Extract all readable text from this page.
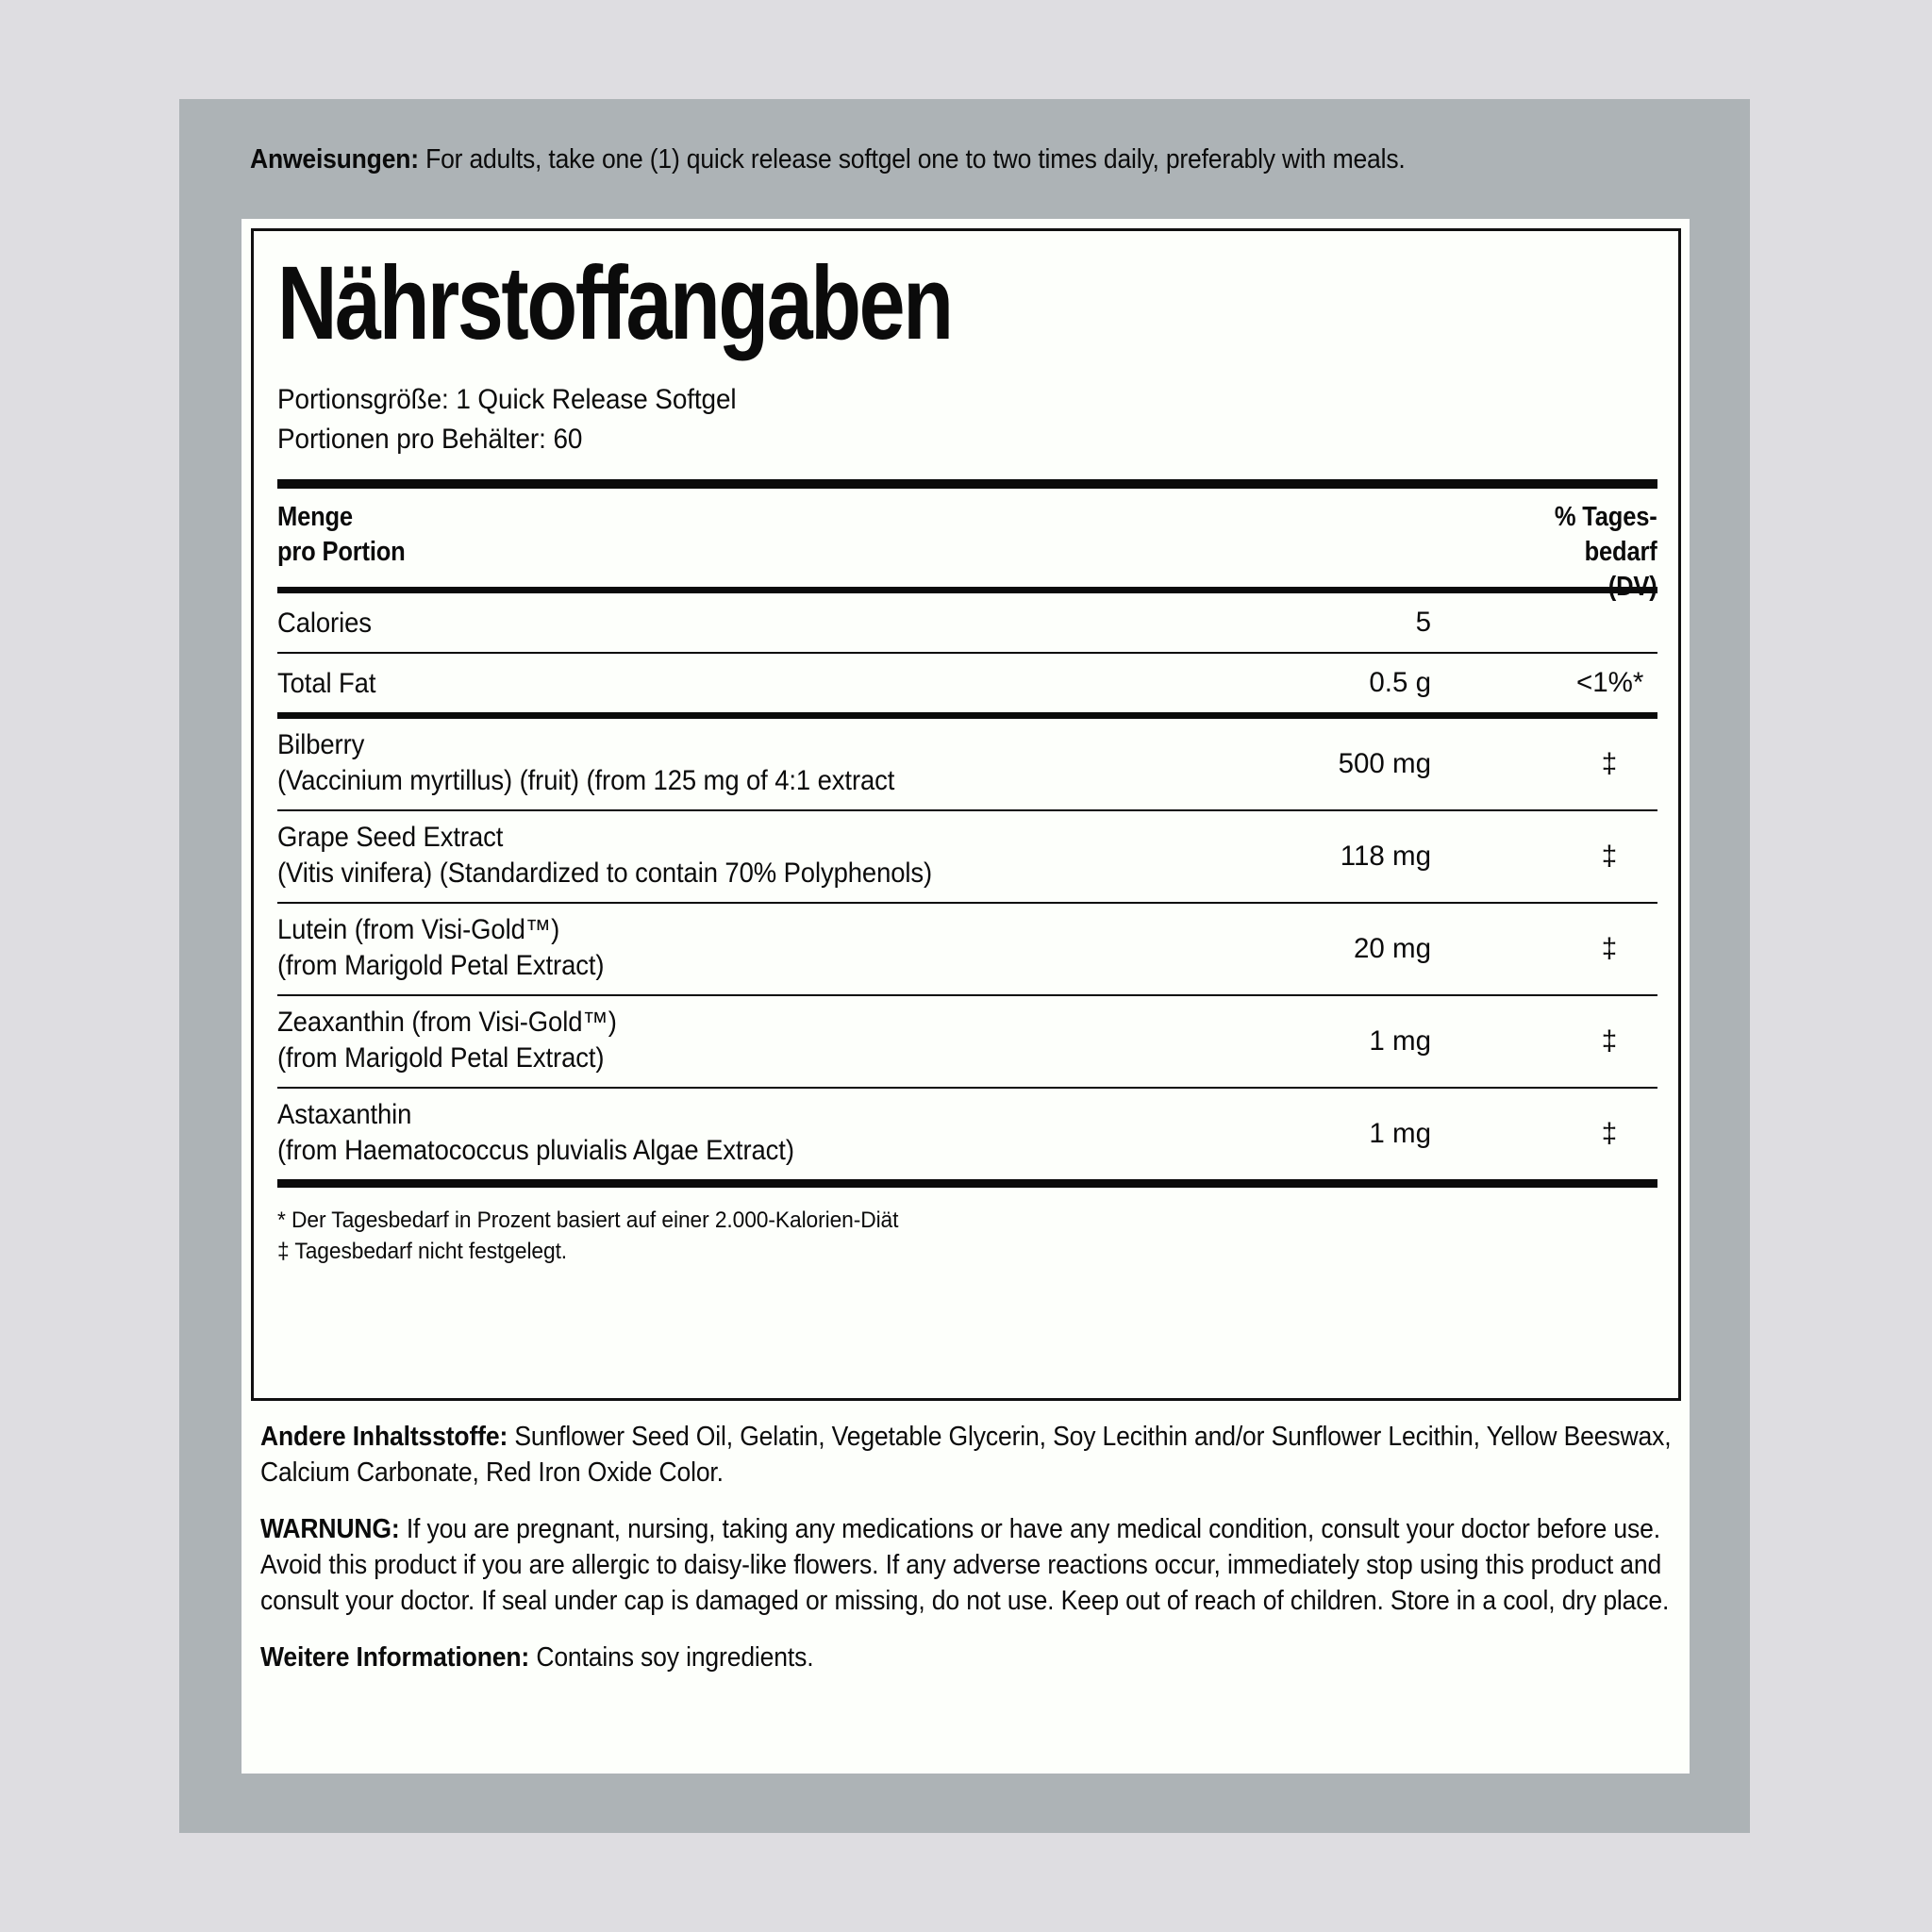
Anweisungen: For adults, take one (1) quick release softgel one to two times daily, preferably with meals.
Nährstoffangaben
Portionsgröße: 1 Quick Release Softgel
Portionen pro Behälter: 60
Menge
pro Portion
% Tages-
bedarf
(DV)
Calories	5
Total Fat	0.5 g	<1%*
Bilberry
(Vaccinium myrtillus) (fruit) (from 125 mg of 4:1 extract
500 mg	‡
Grape Seed Extract
(Vitis vinifera) (Standardized to contain 70% Polyphenols)
118 mg	‡
Lutein (from Visi-Gold™)
(from Marigold Petal Extract)
20 mg	‡
Zeaxanthin (from Visi-Gold™)
(from Marigold Petal Extract)
1 mg	‡
Astaxanthin
(from Haematococcus pluvialis Algae Extract)
1 mg	‡
* Der Tagesbedarf in Prozent basiert auf einer 2.000-Kalorien-Diät
‡ Tagesbedarf nicht festgelegt.
Andere Inhaltsstoffe: Sunflower Seed Oil, Gelatin, Vegetable Glycerin, Soy Lecithin and/or Sunflower Lecithin, Yellow Beeswax, Calcium Carbonate, Red Iron Oxide Color.
WARNUNG: If you are pregnant, nursing, taking any medications or have any medical condition, consult your doctor before use. Avoid this product if you are allergic to daisy-like flowers. If any adverse reactions occur, immediately stop using this product and
consult your doctor. If seal under cap is damaged or missing, do not use. Keep out of reach of children. Store in a cool, dry place.
Weitere Informationen: Contains soy ingredients.
